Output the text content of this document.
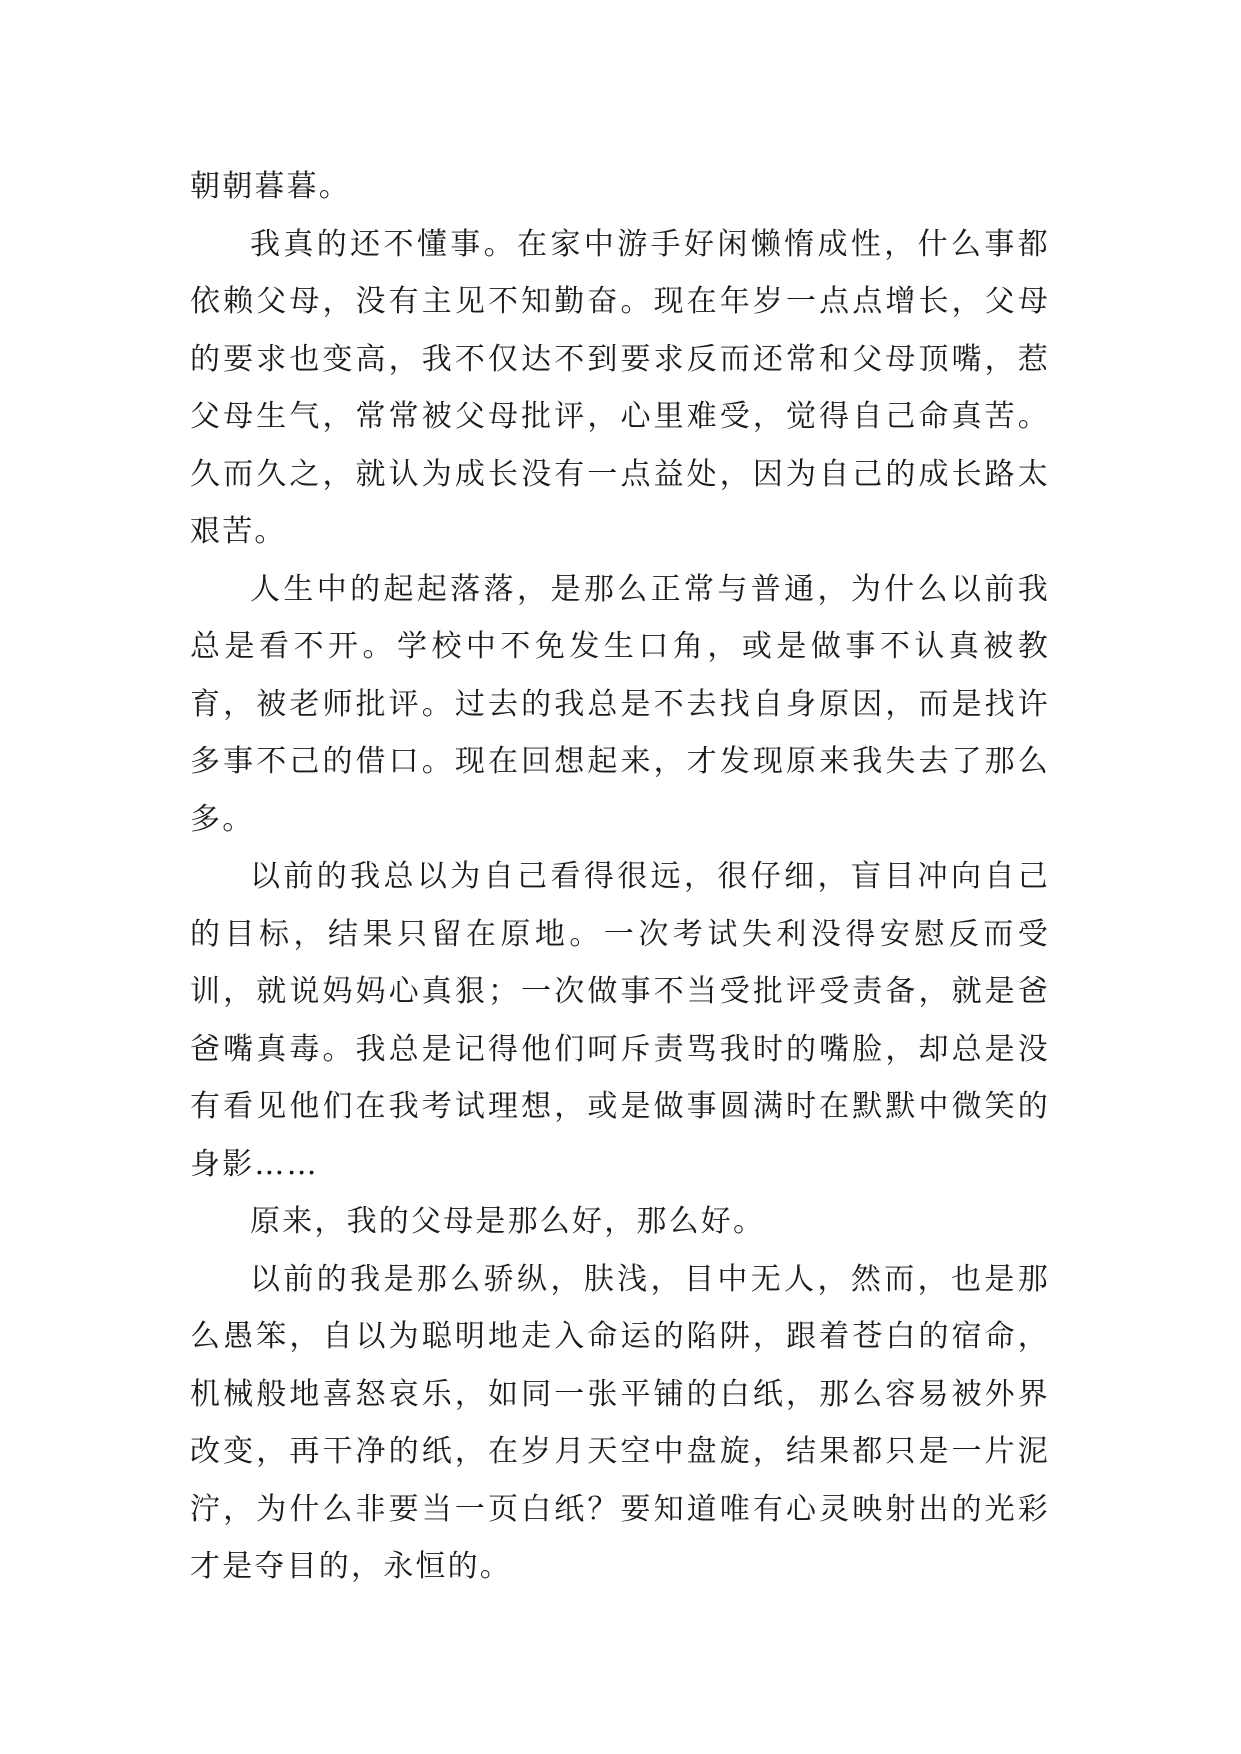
朝朝暮暮。

我真的还不懂事。在家中游手好闲懒惰成性，什么事都依赖父母，没有主见不知勤奋。现在年岁一点点增长，父母的要求也变高，我不仅达不到要求反而还常和父母顶嘴，惹父母生气，常常被父母批评，心里难受，觉得自己命真苦。久而久之，就认为成长没有一点益处，因为自己的成长路太艰苦。

人生中的起起落落，是那么正常与普通，为什么以前我总是看不开。学校中不免发生口角，或是做事不认真被教育，被老师批评。过去的我总是不去找自身原因，而是找许多事不己的借口。现在回想起来，才发现原来我失去了那么多。

以前的我总以为自己看得很远，很仔细，盲目冲向自己的目标，结果只留在原地。一次考试失利没得安慰反而受训，就说妈妈心真狠；一次做事不当受批评受责备，就是爸爸嘴真毒。我总是记得他们呵斥责骂我时的嘴脸，却总是没有看见他们在我考试理想，或是做事圆满时在默默中微笑的身影……

原来，我的父母是那么好，那么好。

以前的我是那么骄纵，肤浅，目中无人，然而，也是那么愚笨，自以为聪明地走入命运的陷阱，跟着苍白的宿命，机械般地喜怒哀乐，如同一张平铺的白纸，那么容易被外界改变，再干净的纸，在岁月天空中盘旋，结果都只是一片泥泞，为什么非要当一页白纸？要知道唯有心灵映射出的光彩才是夺目的，永恒的。
